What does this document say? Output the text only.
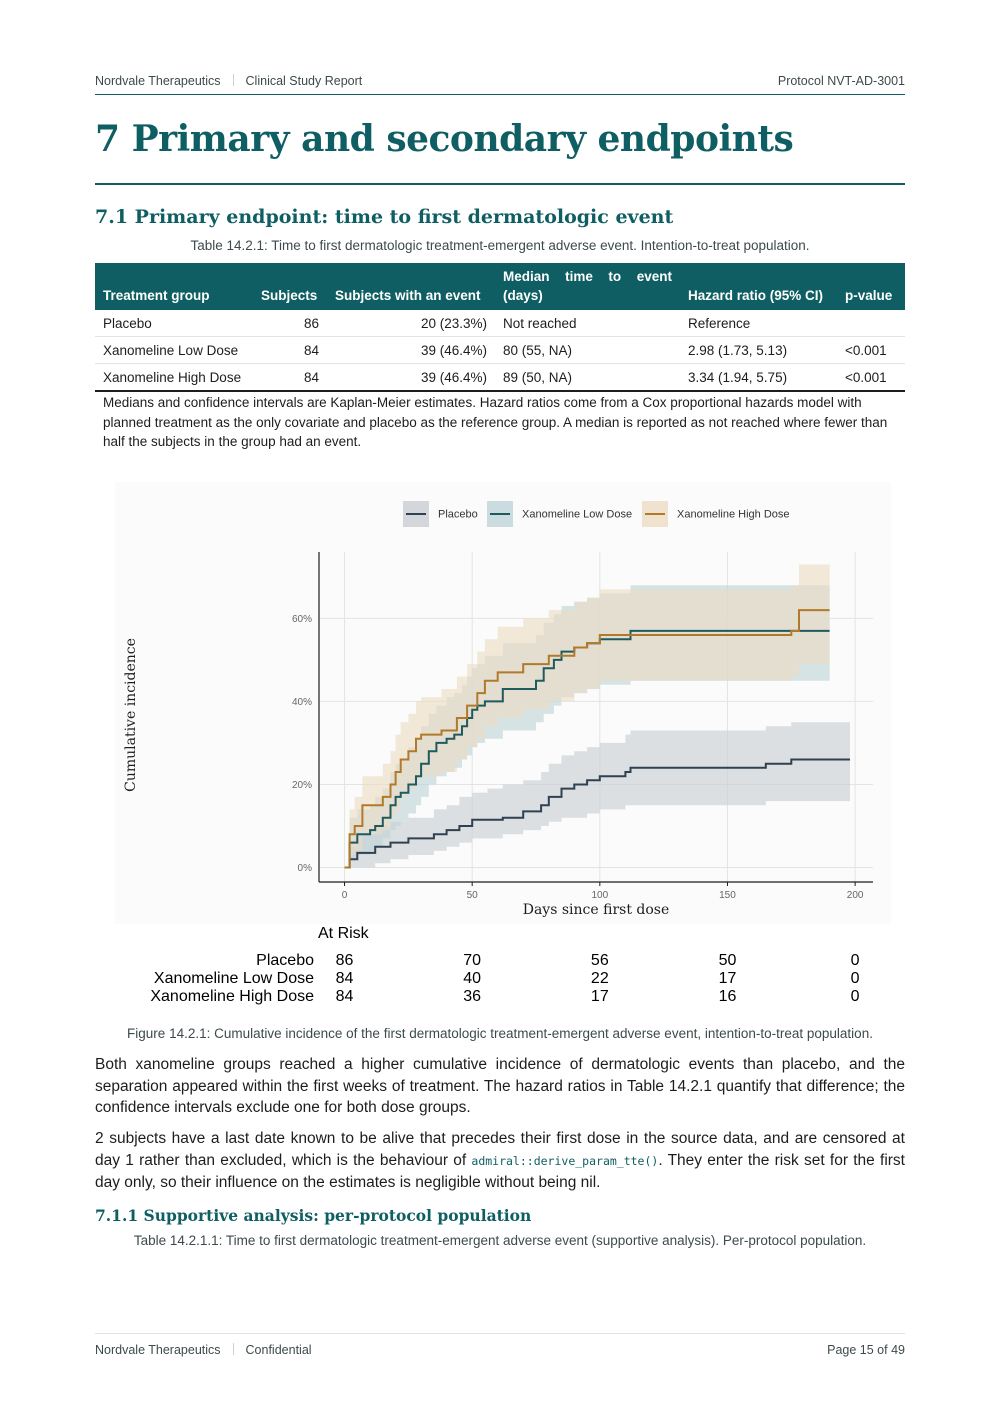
Nordvale Therapeutics Clinical Study Report	Protocol NVT-AD-3001
7 Primary and secondary endpoints
7.1 Primary endpoint: time to first dermatologic event
Table 14.2.1: Time to first dermatologic treatment-emergent adverse event. Intention-to-treat population.
Treatment group	Subjects	Subjects with an event	Median time to event (days)	Hazard ratio (95% CI)	p-value
Placebo	86	20 (23.3%)	Not reached	Reference	
Xanomeline Low Dose	84	39 (46.4%)	80 (55, NA)	2.98 (1.73, 5.13)	<0.001
Xanomeline High Dose	84	39 (46.4%)	89 (50, NA)	3.34 (1.94, 5.75)	<0.001
Medians and confidence intervals are Kaplan-Meier estimates. Hazard ratios come from a Cox proportional hazards model with planned treatment as the only covariate and placebo as the reference group. A median is reported as not reached where fewer than half the subjects in the group had an event.
Placebo	Xanomeline Low Dose	Xanomeline High Dose
0	50	100	150	200
0%
20%
40%
60%
Days since first dose
Cumulative incidence
At Risk
Placebo	86	70	56	50	0
Xanomeline Low Dose	84	40	22	17	0
Xanomeline High Dose	84	36	17	16	0
Figure 14.2.1: Cumulative incidence of the first dermatologic treatment-emergent adverse event, intention-to-treat population.
Both xanomeline groups reached a higher cumulative incidence of dermatologic events than placebo, and the separation appeared within the first weeks of treatment. The hazard ratios in Table 14.2.1 quantify that difference; the confidence intervals exclude one for both dose groups.
2 subjects have a last date known to be alive that precedes their first dose in the source data, and are censored at day 1 rather than excluded, which is the behaviour of admiral::derive_param_tte(). They enter the risk set for the first day only, so their influence on the estimates is negligible without being nil.
7.1.1 Supportive analysis: per-protocol population
Table 14.2.1.1: Time to first dermatologic treatment-emergent adverse event (supportive analysis). Per-protocol population.
Nordvale Therapeutics Confidential	Page 15 of 49
